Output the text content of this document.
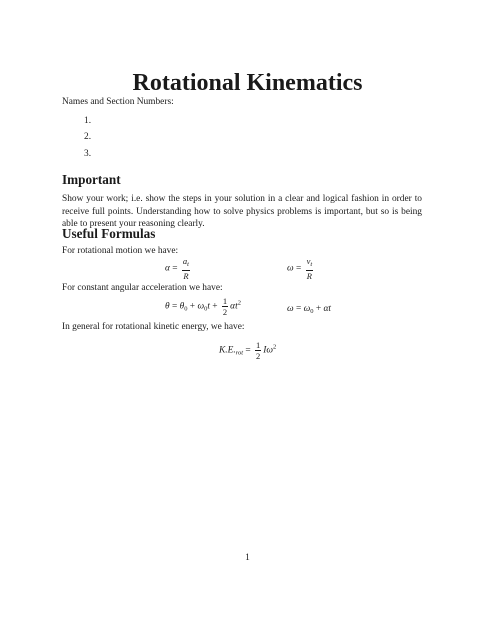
Rotational Kinematics
Names and Section Numbers:
1.
2.
3.
Important
Show your work; i.e. show the steps in your solution in a clear and logical fashion in order to receive full points. Understanding how to solve physics problems is important, but so is being able to present your reasoning clearly.
Useful Formulas
For rotational motion we have:
$\alpha = \frac{a_t}{R}$	$\omega = \frac{v_t}{R}$
For constant angular acceleration we have:
$\theta = \theta_0 + \omega_0t + \frac{1}{2} \alpha t^2$
$\omega = \omega_0 + \alpha t$
In general for rotational kinetic energy, we have:
$K.E._{rot} = \frac{1}{2} I\omega^2$
1
